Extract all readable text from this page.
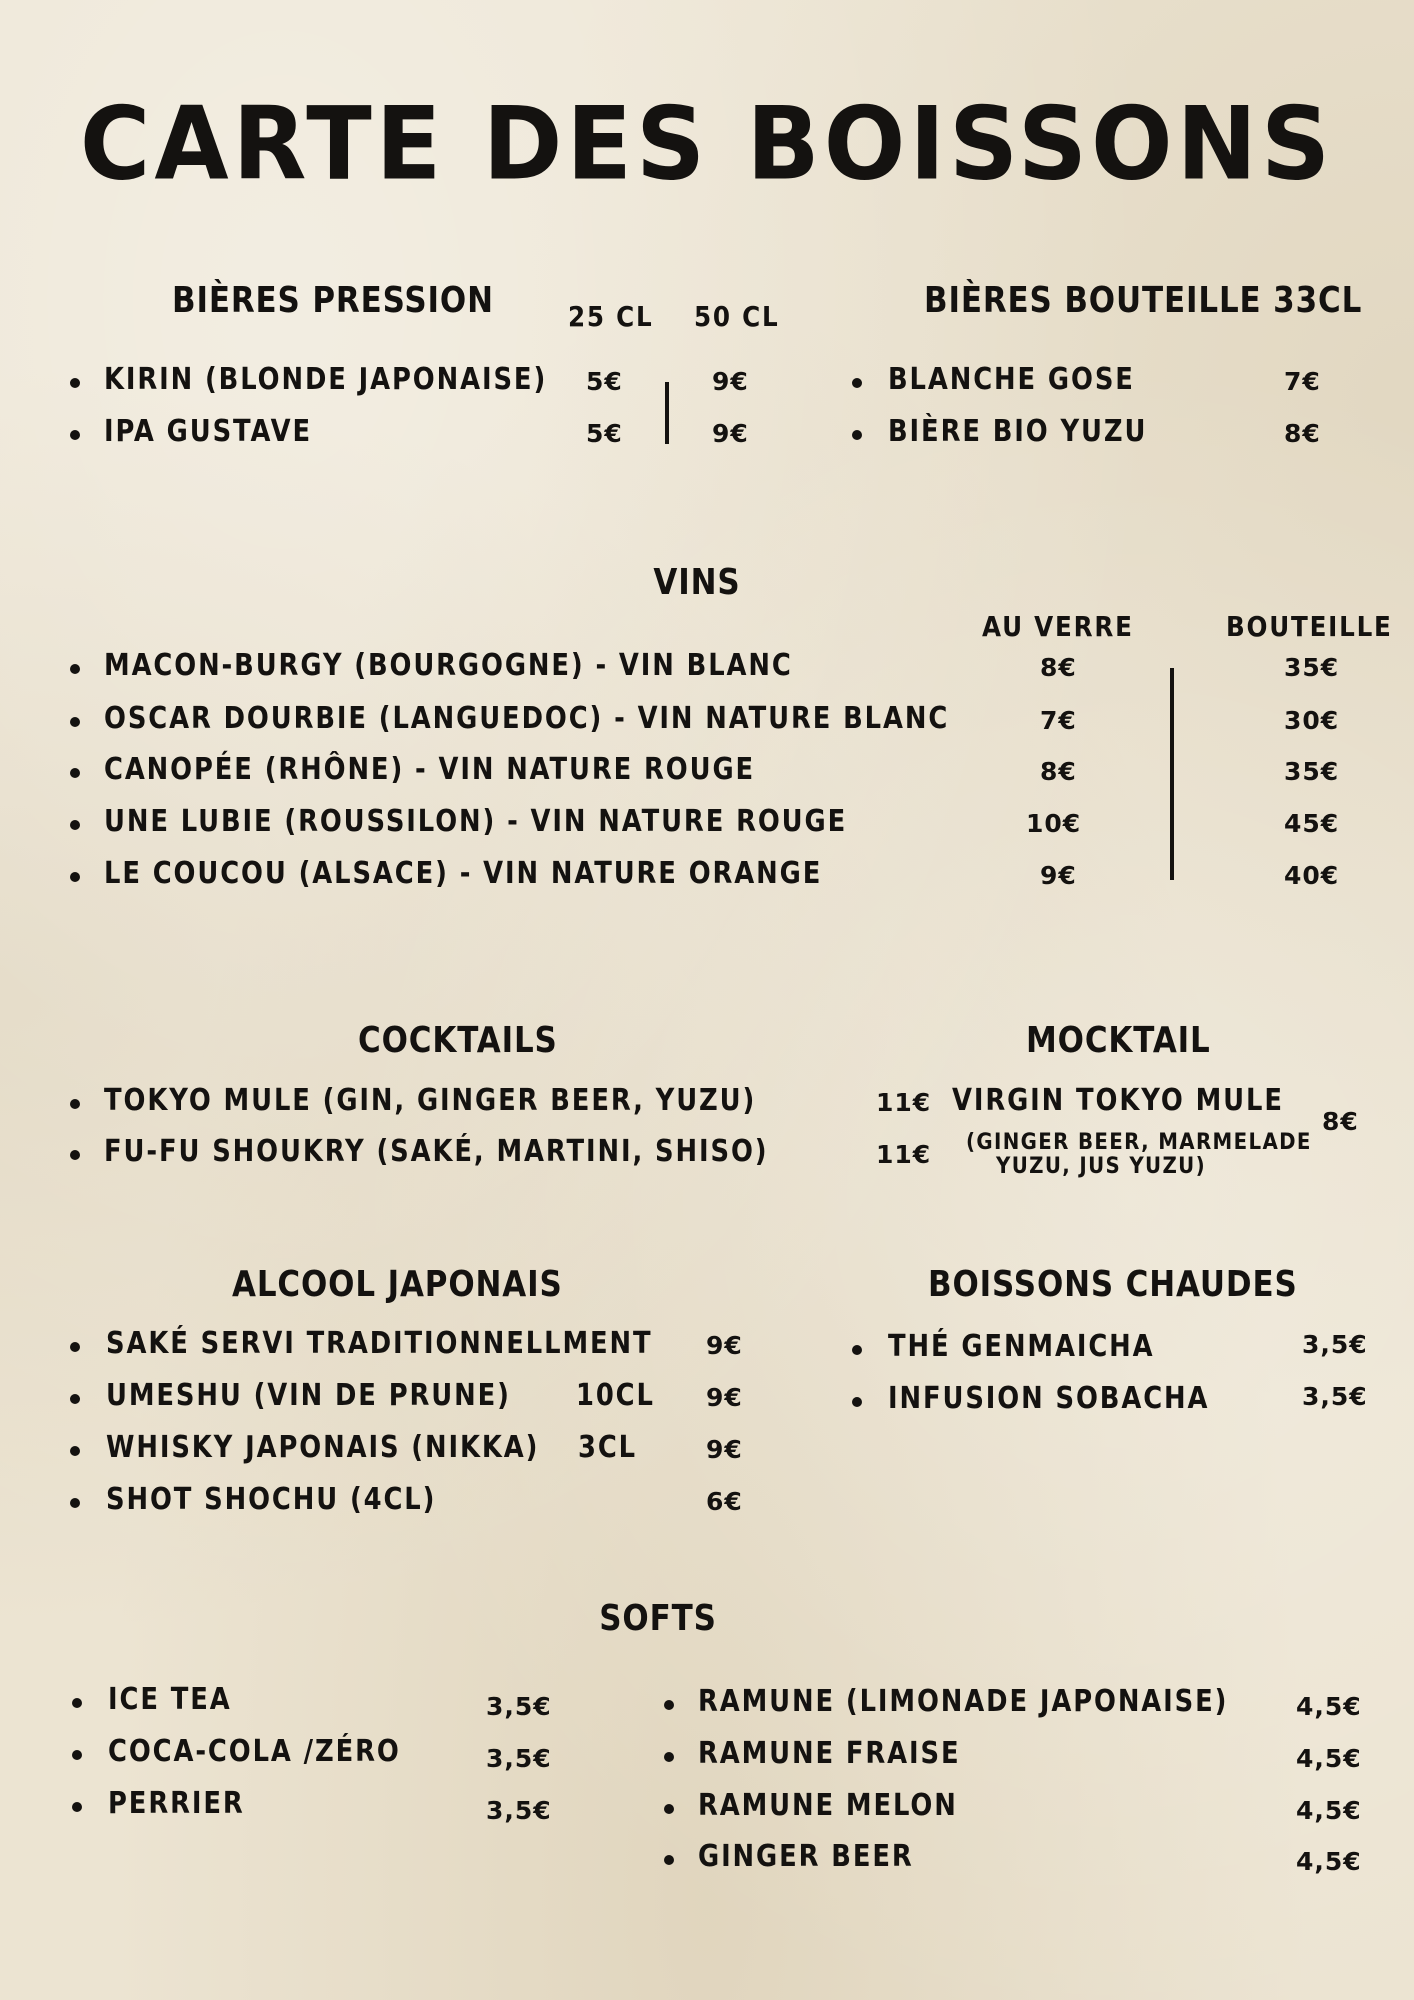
CARTE DES BOISSONS
BIÈRES PRESSION	25 CL 50 CL
KIRIN (BLONDE JAPONAISE) 5€	9€
IPA GUSTAVE	5€	9€
BIÈRES BOUTEILLE 33CL
BLANCHE GOSE	7€
BIÈRE BIO YUZU	8€
VINS
AU VERRE	BOUTEILLE
MACON-BURGY (BOURGOGNE) - VIN BLANC	8€	35€
OSCAR DOURBIE (LANGUEDOC) - VIN NATURE BLANC	7€	30€
CANOPÉE (RHÔNE) - VIN NATURE ROUGE	8€	35€
UNE LUBIE (ROUSSILON) - VIN NATURE ROUGE	10€	45€
LE COUCOU (ALSACE) - VIN NATURE ORANGE	9€	40€
COCKTAILS
TOKYO MULE (GIN, GINGER BEER, YUZU)	11€
FU-FU SHOUKRY (SAKÉ, MARTINI, SHISO)	11€
MOCKTAIL
VIRGIN TOKYO MULE
8€
(GINGER BEER, MARMELADE
YUZU, JUS YUZU)
ALCOOL JAPONAIS
SAKÉ SERVI TRADITIONNELLMENT 9€
UMESHU (VIN DE PRUNE) 10CL 9€
WHISKY JAPONAIS (NIKKA) 3CL	9€
SHOT SHOCHU (4CL)	6€
BOISSONS CHAUDES
THÉ GENMAICHA	3,5€
INFUSION SOBACHA	3,5€
SOFTS
ICE TEA	3,5€
COCA-COLA /ZÉRO	3,5€
PERRIER	3,5€
RAMUNE (LIMONADE JAPONAISE)	4,5€
RAMUNE FRAISE	4,5€
RAMUNE MELON	4,5€
GINGER BEER	4,5€
